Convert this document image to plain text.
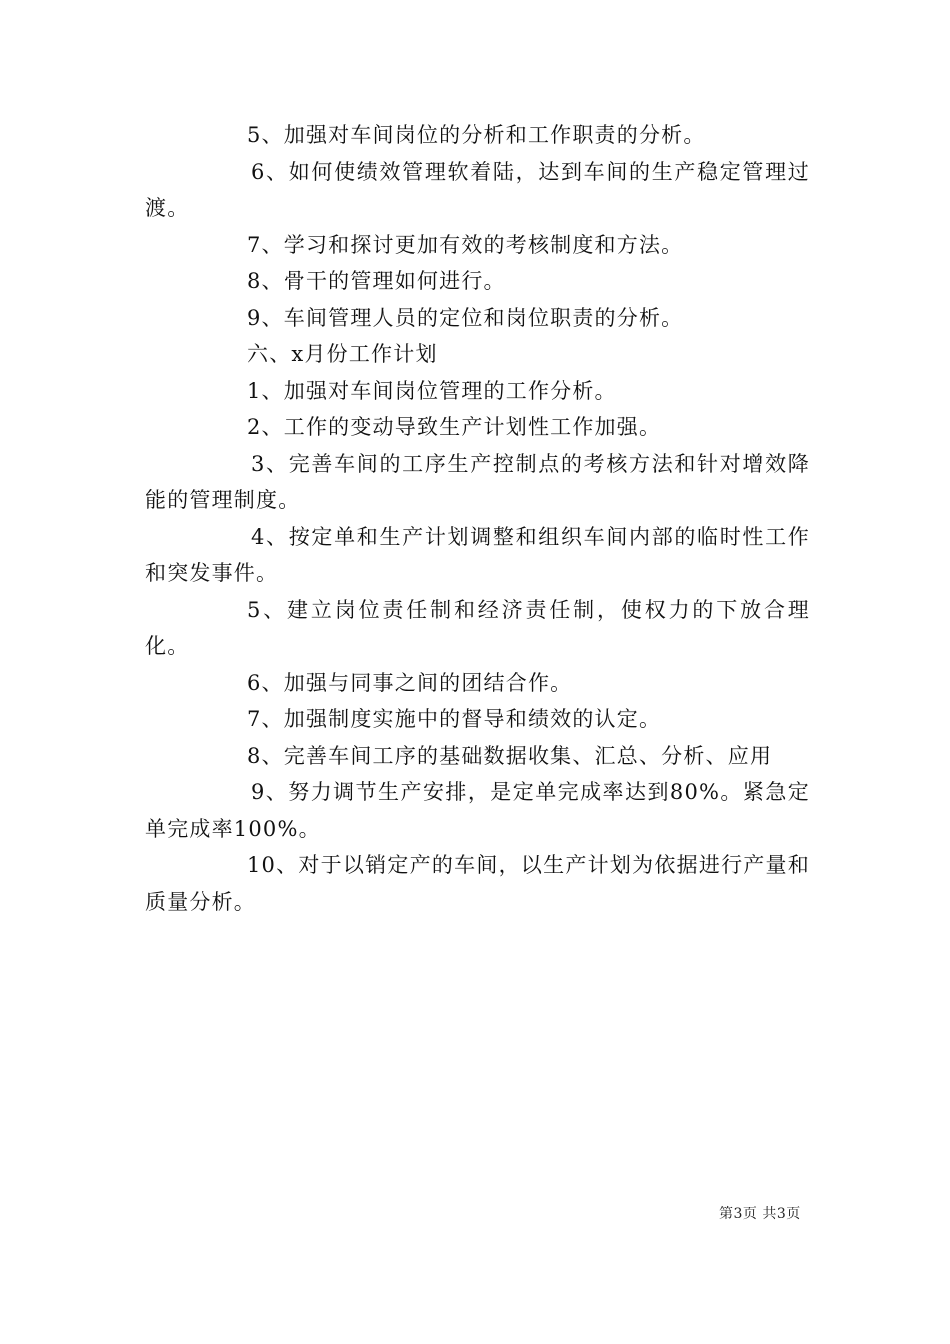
5、加强对车间岗位的分析和工作职责的分析。

6、如何使绩效管理软着陆，达到车间的生产稳定管理过渡。

7、学习和探讨更加有效的考核制度和方法。

8、骨干的管理如何进行。

9、车间管理人员的定位和岗位职责的分析。

六、x月份工作计划

1、加强对车间岗位管理的工作分析。

2、工作的变动导致生产计划性工作加强。

3、完善车间的工序生产控制点的考核方法和针对增效降能的管理制度。

4、按定单和生产计划调整和组织车间内部的临时性工作和突发事件。

5、建立岗位责任制和经济责任制，使权力的下放合理化。

6、加强与同事之间的团结合作。

7、加强制度实施中的督导和绩效的认定。

8、完善车间工序的基础数据收集、汇总、分析、应用

9、努力调节生产安排，是定单完成率达到80%。紧急定单完成率100%。

10、对于以销定产的车间，以生产计划为依据进行产量和质量分析。

第3页 共3页
